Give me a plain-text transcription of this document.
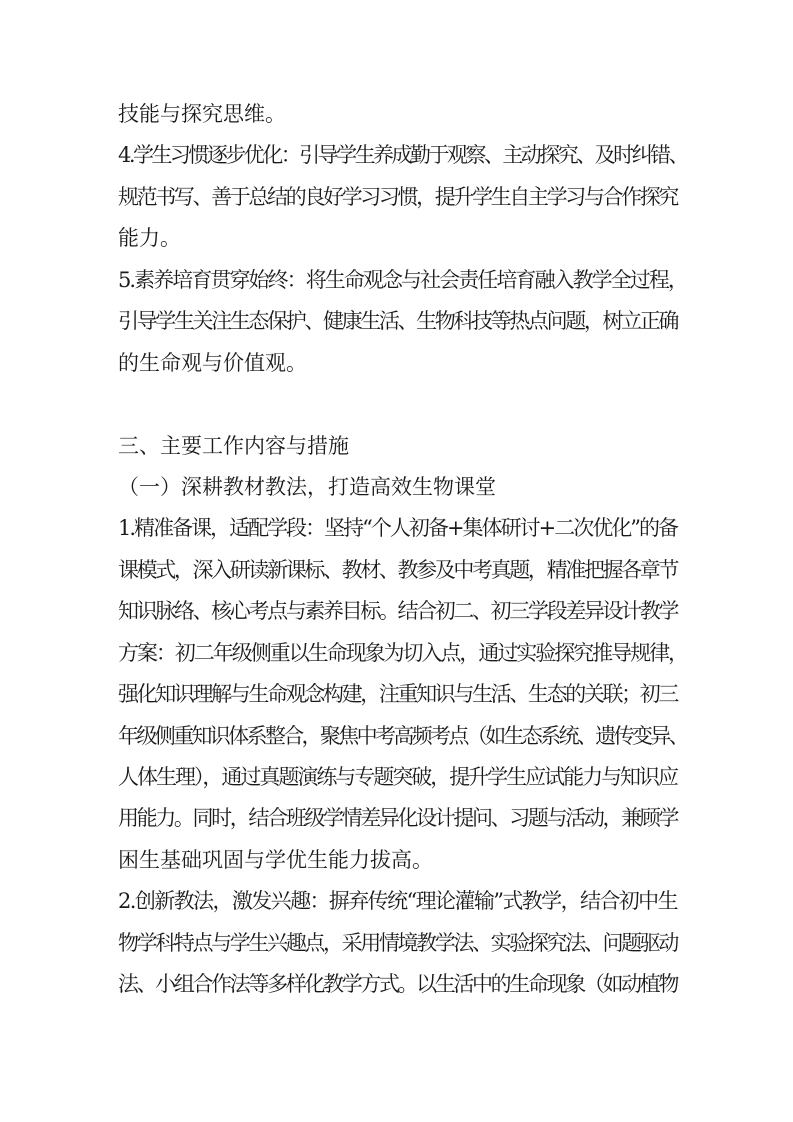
技能与探究思维。
4.学生习惯逐步优化：引导学生养成勤于观察、主动探究、及时纠错、
规范书写、善于总结的良好学习习惯，提升学生自主学习与合作探究
能力。
5.素养培育贯穿始终：将生命观念与社会责任培育融入教学全过程，
引导学生关注生态保护、健康生活、生物科技等热点问题，树立正确
的生命观与价值观。
三、主要工作内容与措施
（一）深耕教材教法，打造高效生物课堂
1.精准备课，适配学段：坚持“个人初备+集体研讨+二次优化”的备
课模式，深入研读新课标、教材、教参及中考真题，精准把握各章节
知识脉络、核心考点与素养目标。结合初二、初三学段差异设计教学
方案：初二年级侧重以生命现象为切入点，通过实验探究推导规律，
强化知识理解与生命观念构建，注重知识与生活、生态的关联；初三
年级侧重知识体系整合，聚焦中考高频考点（如生态系统、遗传变异、
人体生理），通过真题演练与专题突破，提升学生应试能力与知识应
用能力。同时，结合班级学情差异化设计提问、习题与活动，兼顾学
困生基础巩固与学优生能力拔高。
2.创新教法，激发兴趣：摒弃传统“理论灌输”式教学，结合初中生
物学科特点与学生兴趣点，采用情境教学法、实验探究法、问题驱动
法、小组合作法等多样化教学方式。以生活中的生命现象（如动植物
